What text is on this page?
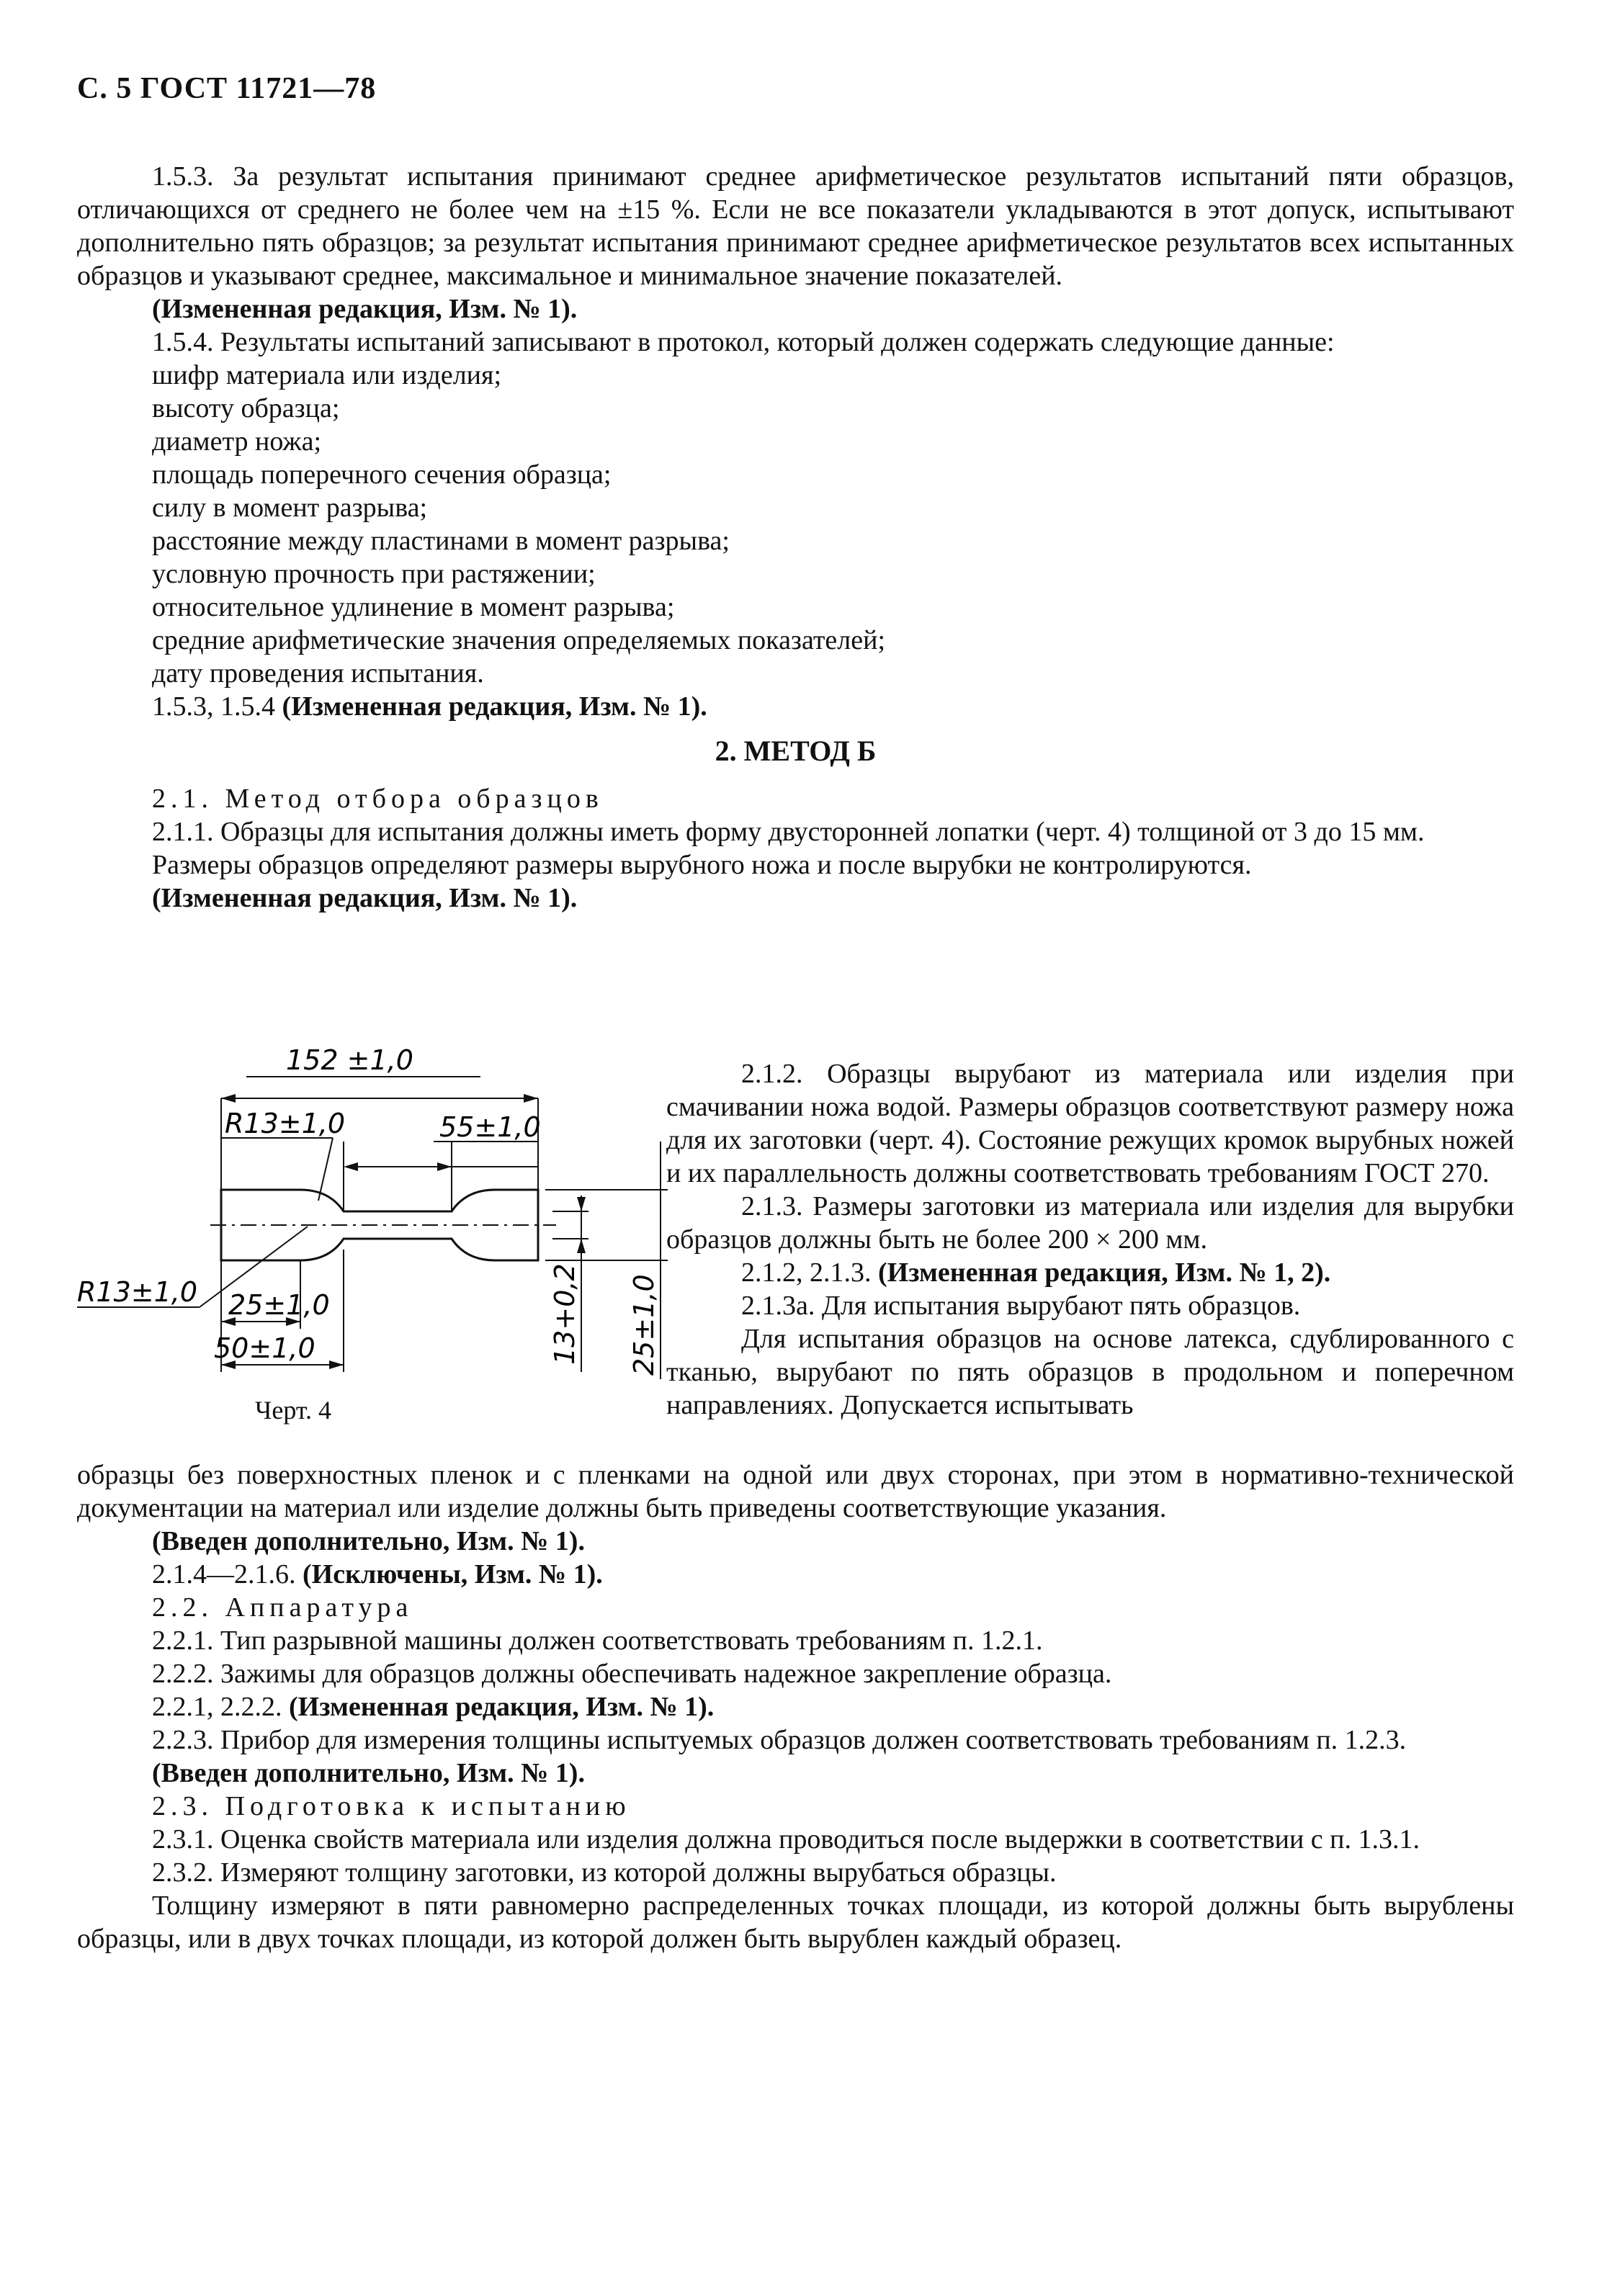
С. 5 ГОСТ 11721—78

1.5.3. За результат испытания принимают среднее арифметическое результатов испытаний пяти образцов, отличающихся от среднего не более чем на ±15 %. Если не все показатели укладываются в этот допуск, испытывают дополнительно пять образцов; за результат испытания принимают среднее арифметическое результатов всех испытанных образцов и указывают среднее, максимальное и минимальное значение показателей.

(Измененная редакция, Изм. № 1).

1.5.4. Результаты испытаний записывают в протокол, который должен содержать следующие данные:

шифр материала или изделия;

высоту образца;

диаметр ножа;

площадь поперечного сечения образца;

силу в момент разрыва;

расстояние между пластинами в момент разрыва;

условную прочность при растяжении;

относительное удлинение в момент разрыва;

средние арифметические значения определяемых показателей;

дату проведения испытания.

1.5.3, 1.5.4 (Измененная редакция, Изм. № 1).

2. МЕТОД Б

2.1. Метод отбора образцов

2.1.1. Образцы для испытания должны иметь форму двусторонней лопатки (черт. 4) толщиной от 3 до 15 мм.

Размеры образцов определяют размеры вырубного ножа и после вырубки не контролируются.

(Измененная редакция, Изм. № 1).

152 ±1,0
R13±1,0	55±1,0
R13±1,0 25±1,0
50±1,0	13+0,2 25±1,0
Черт. 4

2.1.2. Образцы вырубают из материала или изделия при смачивании ножа водой. Размеры образцов соответствуют размеру ножа для их заготовки (черт. 4). Состояние режущих кромок вырубных ножей и их параллельность должны соответствовать требованиям ГОСТ 270.

2.1.3. Размеры заготовки из материала или изделия для вырубки образцов должны быть не более 200 × 200 мм.

2.1.2, 2.1.3. (Измененная редакция, Изм. № 1, 2).

2.1.3а. Для испытания вырубают пять образцов.

Для испытания образцов на основе латекса, сдублированного с тканью, вырубают по пять образцов в продольном и поперечном направлениях. Допускается испытывать

образцы без поверхностных пленок и с пленками на одной или двух сторонах, при этом в нормативно-технической документации на материал или изделие должны быть приведены соответствующие указания.

(Введен дополнительно, Изм. № 1).

2.1.4—2.1.6. (Исключены, Изм. № 1).

2.2. Аппаратура

2.2.1. Тип разрывной машины должен соответствовать требованиям п. 1.2.1.

2.2.2. Зажимы для образцов должны обеспечивать надежное закрепление образца.

2.2.1, 2.2.2. (Измененная редакция, Изм. № 1).

2.2.3. Прибор для измерения толщины испытуемых образцов должен соответствовать требованиям п. 1.2.3.

(Введен дополнительно, Изм. № 1).

2.3. Подготовка к испытанию

2.3.1. Оценка свойств материала или изделия должна проводиться после выдержки в соответствии с п. 1.3.1.

2.3.2. Измеряют толщину заготовки, из которой должны вырубаться образцы.

Толщину измеряют в пяти равномерно распределенных точках площади, из которой должны быть вырублены образцы, или в двух точках площади, из которой должен быть вырублен каждый образец.
